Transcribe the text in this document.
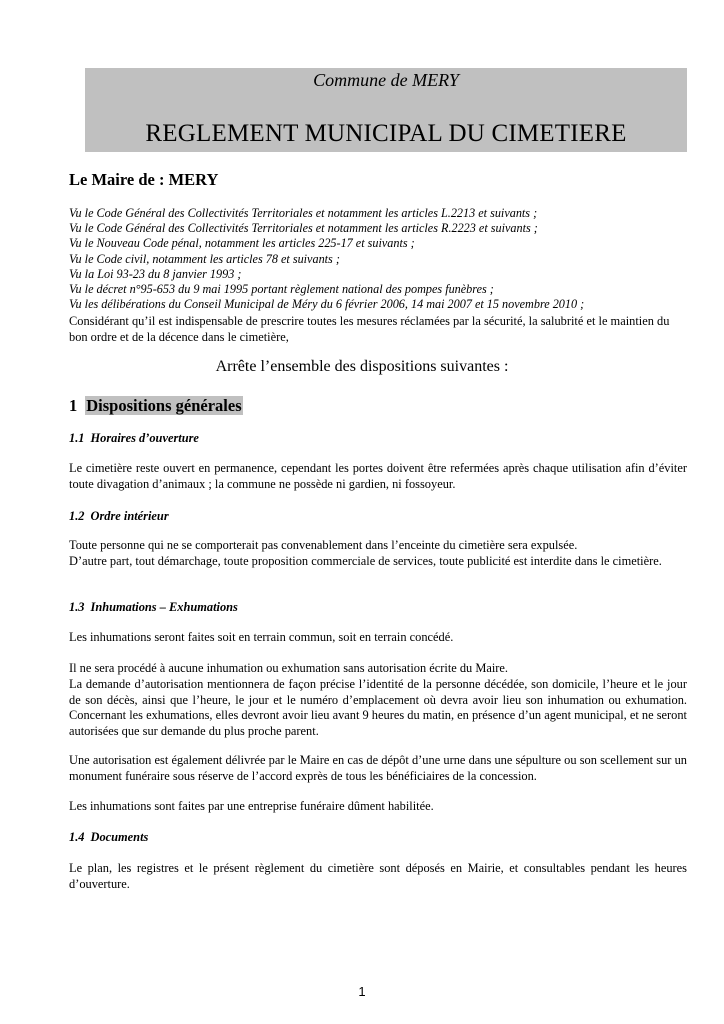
Commune de MERY
REGLEMENT MUNICIPAL DU CIMETIERE
Le Maire de : MERY
Vu le Code Général des Collectivités Territoriales et notamment les articles L.2213 et suivants ;
Vu le Code Général des Collectivités Territoriales et notamment les articles R.2223 et suivants ;
Vu le Nouveau Code pénal, notamment les articles 225-17 et suivants ;
Vu le Code civil, notamment les articles 78 et suivants ;
Vu la Loi 93-23 du 8 janvier 1993 ;
Vu le décret n°95-653 du 9 mai 1995 portant règlement national des pompes funèbres ;
Vu les délibérations du Conseil Municipal de Méry du 6 février 2006, 14 mai 2007 et 15 novembre 2010 ;
Considérant qu’il est indispensable de prescrire toutes les mesures réclamées par la sécurité, la salubrité et le maintien du bon ordre et de la décence dans le cimetière,
Arrête l’ensemble des dispositions suivantes :
1 Dispositions générales
1.1 Horaires d’ouverture
Le cimetière reste ouvert en permanence, cependant les portes doivent être refermées après chaque utilisation afin d’éviter toute divagation d’animaux ; la commune ne possède ni gardien, ni fossoyeur.
1.2 Ordre intérieur
Toute personne qui ne se comporterait pas convenablement dans l’enceinte du cimetière sera expulsée.
D’autre part, tout démarchage, toute proposition commerciale de services, toute publicité est interdite dans le cimetière.
1.3 Inhumations – Exhumations
Les inhumations seront faites soit en terrain commun, soit en terrain concédé.
Il ne sera procédé à aucune inhumation ou exhumation sans autorisation écrite du Maire.
La demande d’autorisation mentionnera de façon précise l’identité de la personne décédée, son domicile, l’heure et le jour de son décès, ainsi que l’heure, le jour et le numéro d’emplacement où devra avoir lieu son inhumation ou exhumation. Concernant les exhumations, elles devront avoir lieu avant 9 heures du matin, en présence d’un agent municipal, et ne seront autorisées que sur demande du plus proche parent.
Une autorisation est également délivrée par le Maire en cas de dépôt d’une urne dans une sépulture ou son scellement sur un monument funéraire sous réserve de l’accord exprès de tous les bénéficiaires de la concession.
Les inhumations sont faites par une entreprise funéraire dûment habilitée.
1.4 Documents
Le plan, les registres et le présent règlement du cimetière sont déposés en Mairie, et consultables pendant les heures d’ouverture.
1
